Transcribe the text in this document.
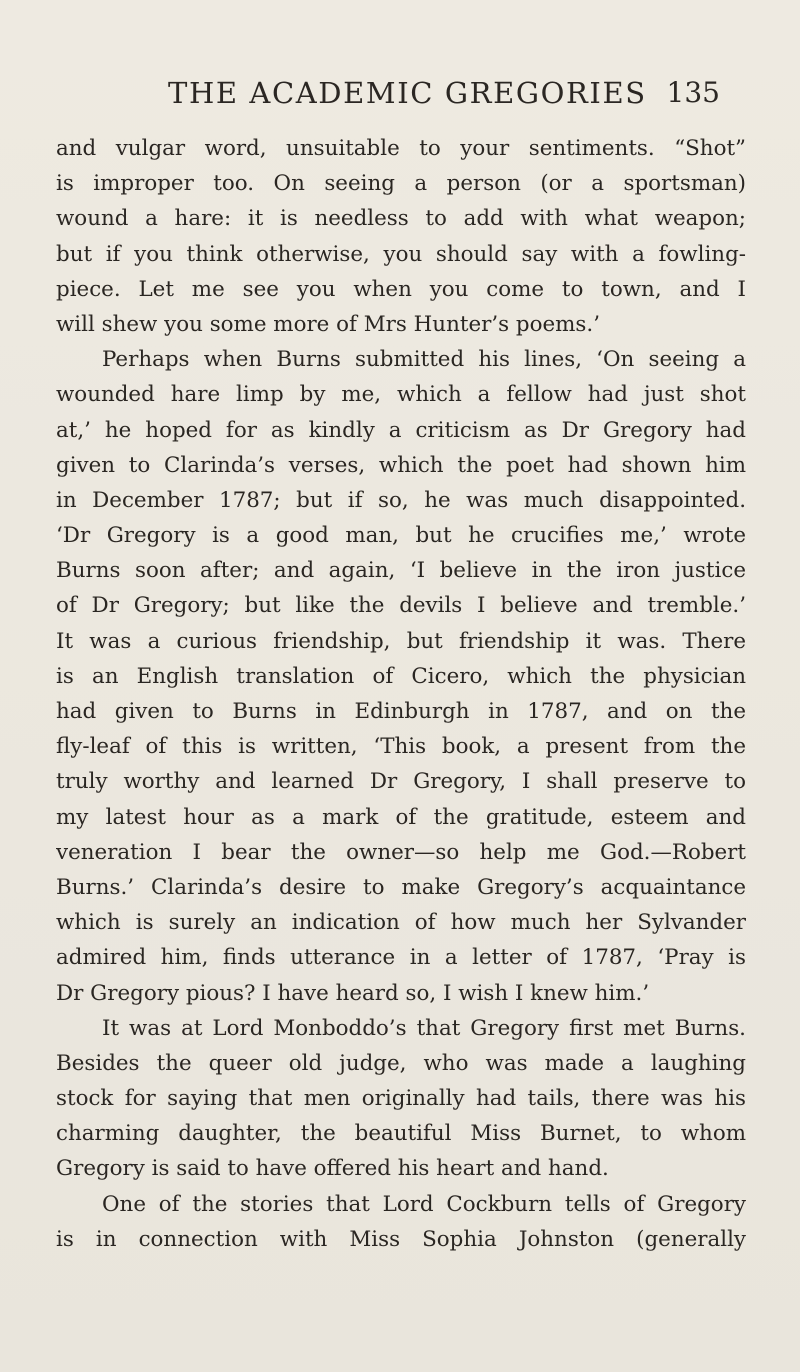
THE ACADEMIC GREGORIES 135
and vulgar word, unsuitable to your sentiments. “Shot”
is improper too. On seeing a person (or a sportsman)
wound a hare: it is needless to add with what weapon;
but if you think otherwise, you should say with a fowling-
piece. Let me see you when you come to town, and I
will shew you some more of Mrs Hunter’s poems.’
Perhaps when Burns submitted his lines, ‘On seeing a
wounded hare limp by me, which a fellow had just shot
at,’ he hoped for as kindly a criticism as Dr Gregory had
given to Clarinda’s verses, which the poet had shown him
in December 1787; but if so, he was much disappointed.
‘Dr Gregory is a good man, but he crucifies me,’ wrote
Burns soon after; and again, ‘I believe in the iron justice
of Dr Gregory; but like the devils I believe and tremble.’
It was a curious friendship, but friendship it was. There
is an English translation of Cicero, which the physician
had given to Burns in Edinburgh in 1787, and on the
fly-leaf of this is written, ‘This book, a present from the
truly worthy and learned Dr Gregory, I shall preserve to
my latest hour as a mark of the gratitude, esteem and
veneration I bear the owner—so help me God.—Robert
Burns.’ Clarinda’s desire to make Gregory’s acquaintance
which is surely an indication of how much her Sylvander
admired him, finds utterance in a letter of 1787, ‘Pray is
Dr Gregory pious? I have heard so, I wish I knew him.’
It was at Lord Monboddo’s that Gregory first met Burns.
Besides the queer old judge, who was made a laughing
stock for saying that men originally had tails, there was his
charming daughter, the beautiful Miss Burnet, to whom
Gregory is said to have offered his heart and hand.
One of the stories that Lord Cockburn tells of Gregory
is in connection with Miss Sophia Johnston (generally
